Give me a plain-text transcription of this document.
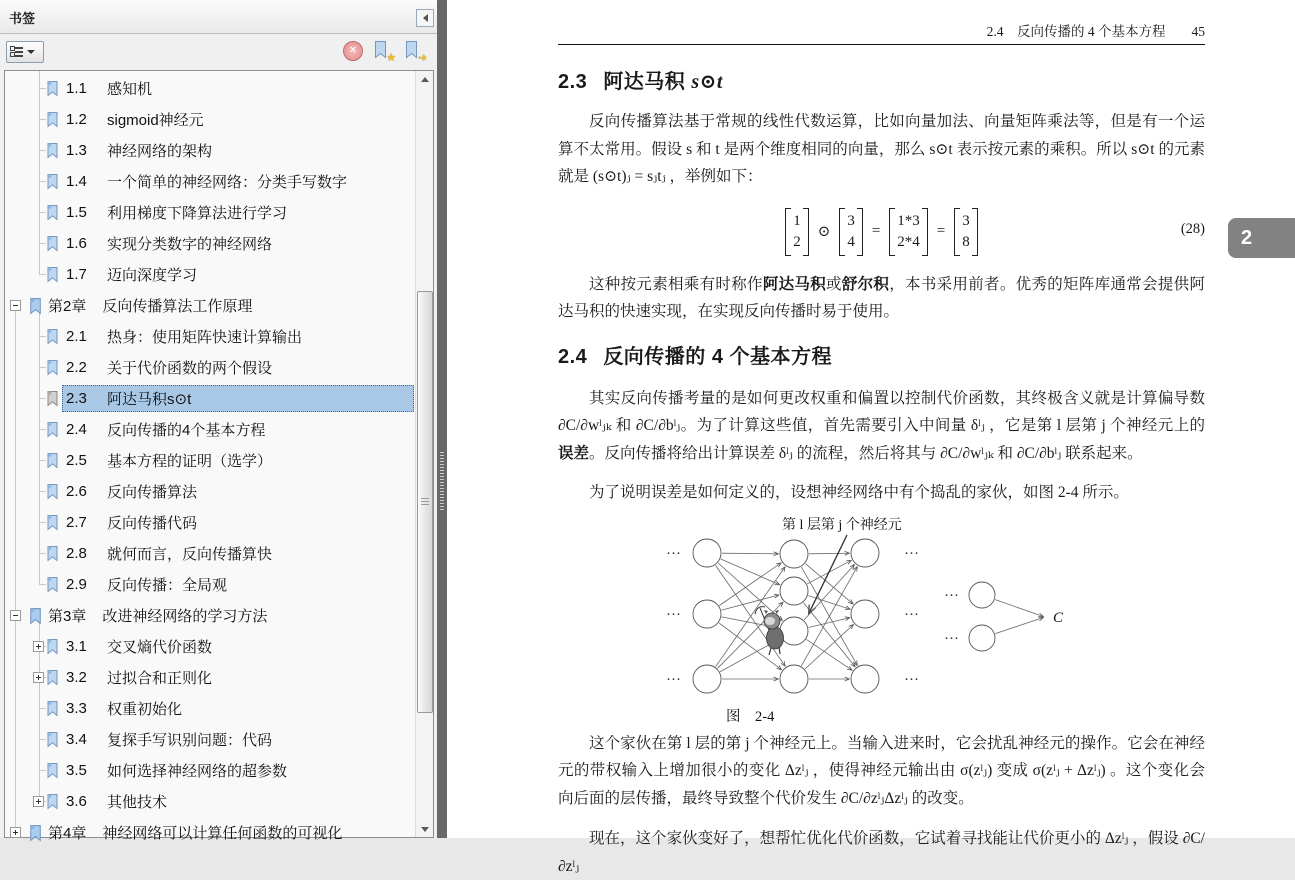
书签
✕
★ ➜
1.1	感知机
1.2	sigmoid神经元
1.3	神经网络的架构
1.4	一个简单的神经网络：分类手写数字
1.5	利用梯度下降算法进行学习
1.6	实现分类数字的神经网络
1.7	迈向深度学习
第2章 反向传播算法工作原理
2.1	热身：使用矩阵快速计算输出
2.2	关于代价函数的两个假设
2.3	阿达马积s⊙t
2.4	反向传播的4个基本方程
2.5	基本方程的证明（选学）
2.6	反向传播算法
2.7	反向传播代码
2.8	就何而言，反向传播算快
2.9	反向传播：全局观
第3章 改进神经网络的学习方法
3.1	交叉熵代价函数
3.2	过拟合和正则化
3.3	权重初始化
3.4	复探手写识别问题：代码
3.5	如何选择神经网络的超参数
3.6	其他技术
第4章 神经网络可以计算任何函数的可视化
2.4　反向传播的 4 个基本方程 45
2.3 阿达马积 s⊙t

反向传播算法基于常规的线性代数运算，比如向量加法、向量矩阵乘法等，但是有一个运算不太常用。假设 s 和 t 是两个维度相同的向量，那么 s⊙t 表示按元素的乘积。所以 s⊙t 的元素就是 (s⊙t)ⱼ = sⱼtⱼ ，举例如下：

1
2
⊙
3
4
=
1*3
2*4
=
3
8
(28)

这种按元素相乘有时称作阿达马积或舒尔积，本书采用前者。优秀的矩阵库通常会提供阿达马积的快速实现，在实现反向传播时易于使用。

2.4 反向传播的 4 个基本方程

其实反向传播考量的是如何更改权重和偏置以控制代价函数，其终极含义就是计算偏导数 ∂C/∂wˡⱼₖ 和 ∂C/∂bˡⱼ。为了计算这些值，首先需要引入中间量 δˡⱼ ，它是第 l 层第 j 个神经元上的误差。反向传播将给出计算误差 δˡⱼ 的流程，然后将其与 ∂C/∂wˡⱼₖ 和 ∂C/∂bˡⱼ 联系起来。

为了说明误差是如何定义的，设想神经网络中有个捣乱的家伙，如图 2-4 所示。

···
···
···
···
···
···
···
···
第 l 层第 j 个神经元
C
图　2-4

这个家伙在第 l 层的第 j 个神经元上。当输入进来时，它会扰乱神经元的操作。它会在神经元的带权输入上增加很小的变化 Δzˡⱼ ，使得神经元输出由 σ(zˡⱼ) 变成 σ(zˡⱼ + Δzˡⱼ) 。这个变化会向后面的层传播，最终导致整个代价发生 ∂C/∂zˡⱼΔzˡⱼ 的改变。

现在，这个家伙变好了，想帮忙优化代价函数，它试着寻找能让代价更小的 Δzˡⱼ ，假设 ∂C/∂zˡⱼ

2
